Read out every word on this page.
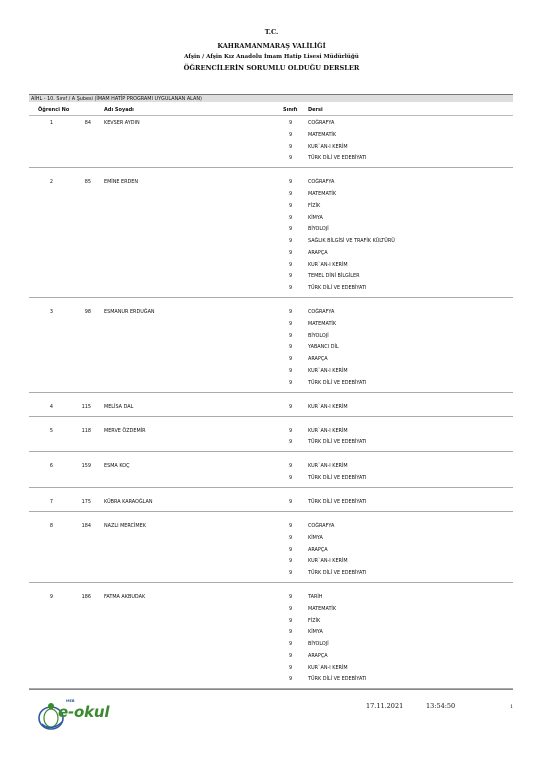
T.C.
KAHRAMANMARAŞ VALİLİĞİ
Afşin / Afşin Kız Anadolu İmam Hatip Lisesi Müdürlüğü
ÖĞRENCİLERİN SORUMLU OLDUĞU DERSLER
AİHL - 10. Sınıf / A Şubesi (İMAM HATİP PROGRAMI UYGULANAN ALAN)
Öğrenci No	Adı Soyadı	Sınıfı Dersi
1	84	KEVSER AYDIN	9	COĞRAFYA
9	MATEMATİK
9	KUR`AN-I KERİM
9	TÜRK DİLİ VE EDEBİYATI
2	85	EMİNE ERDEN	9	COĞRAFYA
9	MATEMATİK
9	FİZİK
9	KİMYA
9	BİYOLOJİ
9	SAĞLIK BİLGİSİ VE TRAFİK KÜLTÜRÜ
9	ARAPÇA
9	KUR`AN-I KERİM
9	TEMEL DİNİ BİLGİLER
9	TÜRK DİLİ VE EDEBİYATI
3	98	ESMANUR ERDUĞAN	9	COĞRAFYA
9	MATEMATİK
9	BİYOLOJİ
9	YABANCI DİL
9	ARAPÇA
9	KUR`AN-I KERİM
9	TÜRK DİLİ VE EDEBİYATI
4	115	MELİSA DAL	9	KUR`AN-I KERİM
5	118	MERVE ÖZDEMİR	9	KUR`AN-I KERİM
9	TÜRK DİLİ VE EDEBİYATI
6	159	ESMA KOÇ	9	KUR`AN-I KERİM
9	TÜRK DİLİ VE EDEBİYATI
7	175	KÜBRA KARAOĞLAN	9	TÜRK DİLİ VE EDEBİYATI
8	184	NAZLI MERCİMEK	9	COĞRAFYA
9	KİMYA
9	ARAPÇA
9	KUR`AN-I KERİM
9	TÜRK DİLİ VE EDEBİYATI
9	186	FATMA AKBUDAK	9	TARİH
9	MATEMATİK
9	FİZİK
9	KİMYA
9	BİYOLOJİ
9	ARAPÇA
9	KUR`AN-I KERİM
9	TÜRK DİLİ VE EDEBİYATI
MEB
e-okul	17.11.2021	13:54:50	1
